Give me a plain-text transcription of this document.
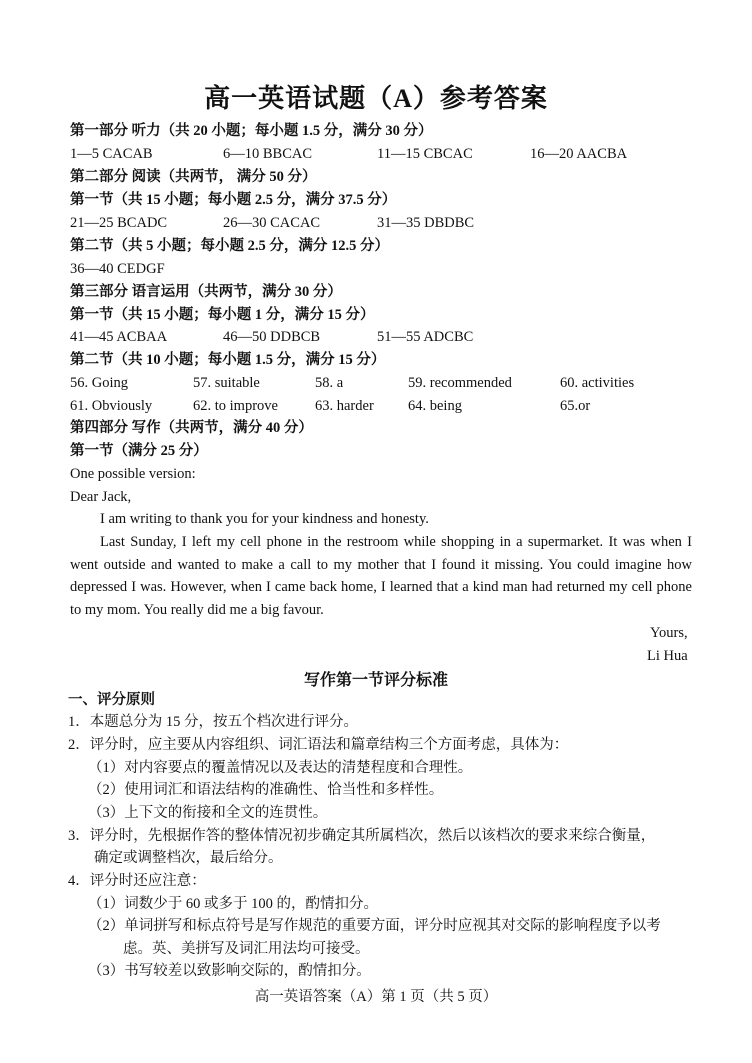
高一英语试题（A）参考答案
第一部分 听力（共 20 小题；每小题 1.5 分，满分 30 分）
1—5 CACAB	6—10 BBCAC	11—15 CBCAC	16—20 AACBA
第二部分 阅读（共两节， 满分 50 分）
第一节（共 15 小题；每小题 2.5 分，满分 37.5 分）
21—25 BCADC	26—30 CACAC	31—35 DBDBC
第二节（共 5 小题；每小题 2.5 分，满分 12.5 分）
36—40 CEDGF
第三部分 语言运用（共两节，满分 30 分）
第一节（共 15 小题；每小题 1 分，满分 15 分）
41—45 ACBAA	46—50 DDBCB	51—55 ADCBC
第二节（共 10 小题；每小题 1.5 分，满分 15 分）
56. Going	57. suitable	58. a	59. recommended	60. activities
61. Obviously	62. to improve	63. harder 64. being	65.or
第四部分 写作（共两节，满分 40 分）
第一节（满分 25 分）
One possible version:
Dear Jack,
I am writing to thank you for your kindness and honesty.
Last Sunday, I left my cell phone in the restroom while shopping in a supermarket. It was when I went outside and wanted to make a call to my mother that I found it missing. You could imagine how depressed I was. However, when I came back home, I learned that a kind man had returned my cell phone to my mom. You really did me a big favour.
Yours,
Li Hua
写作第一节评分标准
一、评分原则
1．本题总分为 15 分，按五个档次进行评分。
2．评分时，应主要从内容组织、词汇语法和篇章结构三个方面考虑，具体为：
（1）对内容要点的覆盖情况以及表达的清楚程度和合理性。
（2）使用词汇和语法结构的准确性、恰当性和多样性。
（3）上下文的衔接和全文的连贯性。
3．评分时，先根据作答的整体情况初步确定其所属档次，然后以该档次的要求来综合衡量，
确定或调整档次，最后给分。
4．评分时还应注意：
（1）词数少于 60 或多于 100 的，酌情扣分。
（2）单词拼写和标点符号是写作规范的重要方面，评分时应视其对交际的影响程度予以考
虑。英、美拼写及词汇用法均可接受。
（3）书写较差以致影响交际的，酌情扣分。
高一英语答案（A）第 1 页（共 5 页）
